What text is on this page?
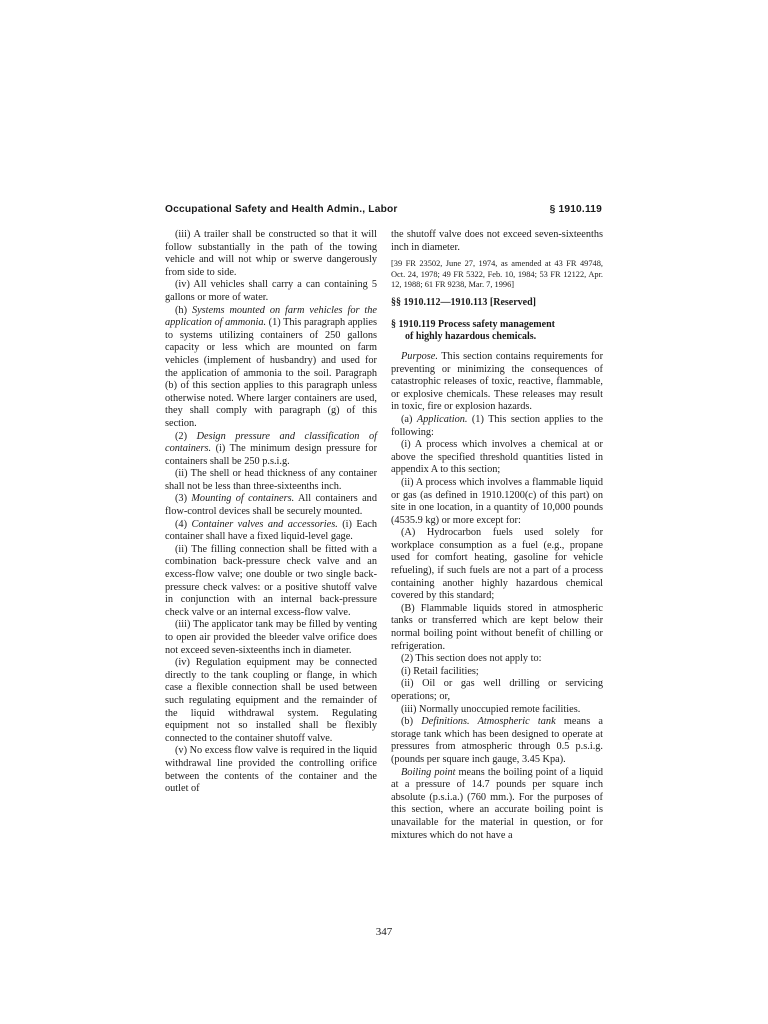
Occupational Safety and Health Admin., Labor	§ 1910.119

(iii) A trailer shall be constructed so that it will follow substantially in the path of the towing vehicle and will not whip or swerve dangerously from side to side.

(iv) All vehicles shall carry a can containing 5 gallons or more of water.

(h) Systems mounted on farm vehicles for the application of ammonia. (1) This paragraph applies to systems utilizing containers of 250 gallons capacity or less which are mounted on farm vehicles (implement of husbandry) and used for the application of ammonia to the soil. Paragraph (b) of this section applies to this paragraph unless otherwise noted. Where larger containers are used, they shall comply with paragraph (g) of this section.

(2) Design pressure and classification of containers. (i) The minimum design pressure for containers shall be 250 p.s.i.g.

(ii) The shell or head thickness of any container shall not be less than three-sixteenths inch.

(3) Mounting of containers. All containers and flow-control devices shall be securely mounted.

(4) Container valves and accessories. (i) Each container shall have a fixed liquid-level gage.

(ii) The filling connection shall be fitted with a combination back-pressure check valve and an excess-flow valve; one double or two single back-pressure check valves: or a positive shutoff valve in conjunction with an internal back-pressure check valve or an internal excess-flow valve.

(iii) The applicator tank may be filled by venting to open air provided the bleeder valve orifice does not exceed seven-sixteenths inch in diameter.

(iv) Regulation equipment may be connected directly to the tank coupling or flange, in which case a flexible connection shall be used between such regulating equipment and the remainder of the liquid withdrawal system. Regulating equipment not so installed shall be flexibly connected to the container shutoff valve.

(v) No excess flow valve is required in the liquid withdrawal line provided the controlling orifice between the contents of the container and the outlet of

the shutoff valve does not exceed seven-sixteenths inch in diameter.

[39 FR 23502, June 27, 1974, as amended at 43 FR 49748, Oct. 24, 1978; 49 FR 5322, Feb. 10, 1984; 53 FR 12122, Apr. 12, 1988; 61 FR 9238, Mar. 7, 1996]

§§ 1910.112—1910.113 [Reserved]
§ 1910.119 Process safety management
of highly hazardous chemicals.

Purpose. This section contains requirements for preventing or minimizing the consequences of catastrophic releases of toxic, reactive, flammable, or explosive chemicals. These releases may result in toxic, fire or explosion hazards.

(a) Application. (1) This section applies to the following:

(i) A process which involves a chemical at or above the specified threshold quantities listed in appendix A to this section;

(ii) A process which involves a flammable liquid or gas (as defined in 1910.1200(c) of this part) on site in one location, in a quantity of 10,000 pounds (4535.9 kg) or more except for:

(A) Hydrocarbon fuels used solely for workplace consumption as a fuel (e.g., propane used for comfort heating, gasoline for vehicle refueling), if such fuels are not a part of a process containing another highly hazardous chemical covered by this standard;

(B) Flammable liquids stored in atmospheric tanks or transferred which are kept below their normal boiling point without benefit of chilling or refrigeration.

(2) This section does not apply to:

(i) Retail facilities;

(ii) Oil or gas well drilling or servicing operations; or,

(iii) Normally unoccupied remote facilities.

(b) Definitions. Atmospheric tank means a storage tank which has been designed to operate at pressures from atmospheric through 0.5 p.s.i.g. (pounds per square inch gauge, 3.45 Kpa).

Boiling point means the boiling point of a liquid at a pressure of 14.7 pounds per square inch absolute (p.s.i.a.) (760 mm.). For the purposes of this section, where an accurate boiling point is unavailable for the material in question, or for mixtures which do not have a

347
